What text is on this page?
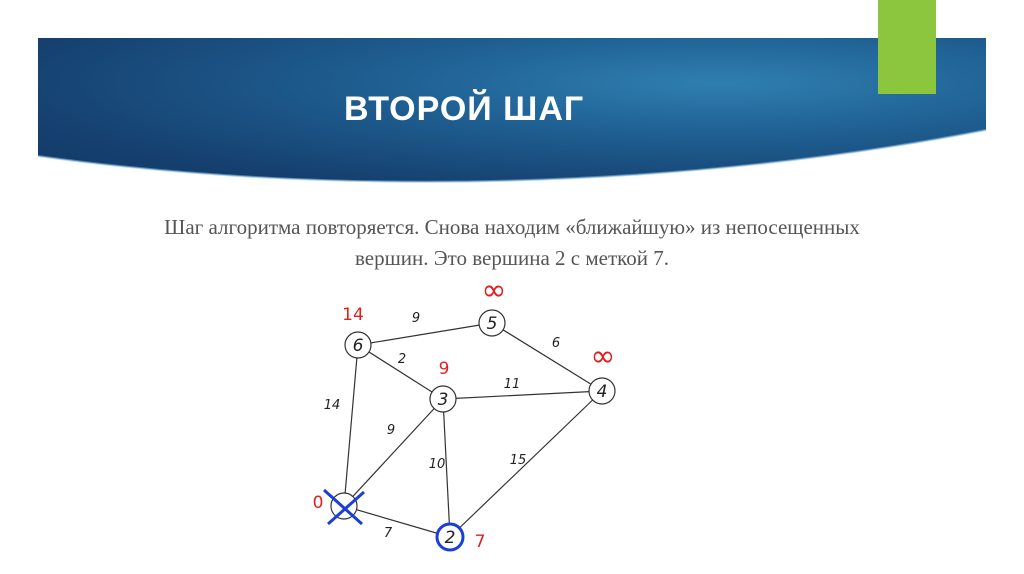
ВТОРОЙ ШАГ
Шаг алгоритма повторяется. Снова находим «ближайшую» из непосещенных
вершин. Это вершина 2 с меткой 7.
9
6
2
11
14
9
10	15
7	2
3	4
5
6
0
7
9	∞
∞
14
